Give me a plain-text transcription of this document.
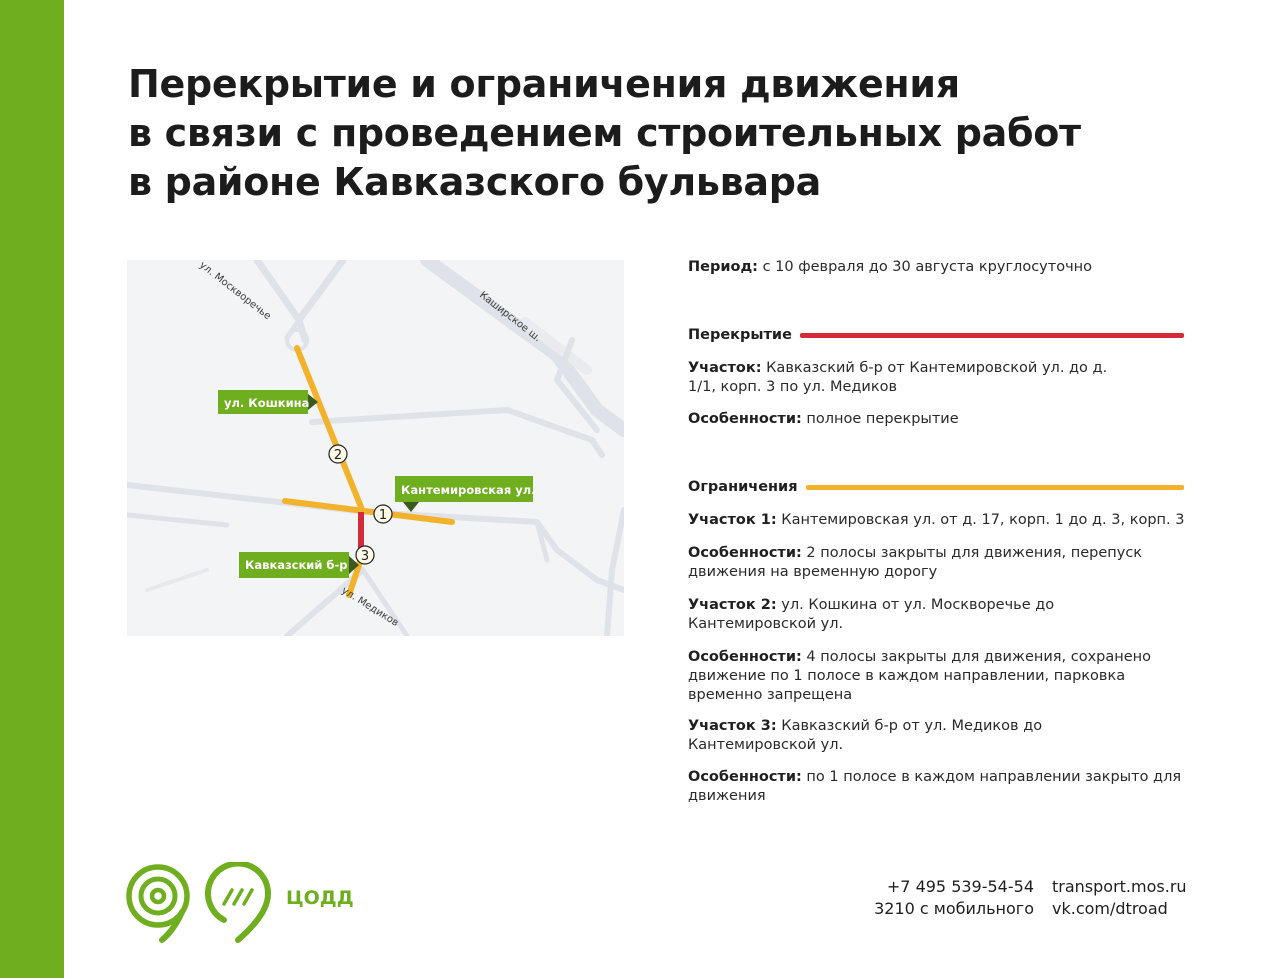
Перекрытие и ограничения движения
в связи с проведением строительных работ
в районе Кавказского бульвара
ул. Москворечье	Каширское ш.
ул. Медиков
ул. Кошкина
Кантемировская ул.
Кавказский б-р
1
2
3
Период: с 10 февраля до 30 августа круглосуточно
Перекрытие
Участок: Кавказский б-р от Кантемировской ул. до д. 1/1, корп. 3 по ул. Медиков
Особенности: полное перекрытие
Ограничения
Участок 1: Кантемировская ул. от д. 17, корп. 1 до д. 3, корп. 3
Особенности: 2 полосы закрыты для движения, перепуск движения на временную дорогу
Участок 2: ул. Кошкина от ул. Москворечье до Кантемировской ул.
Особенности: 4 полосы закрыты для движения, сохранено движение по 1 полосе в каждом направлении, парковка временно запрещена
Участок 3: Кавказский б-р от ул. Медиков до Кантемировской ул.
Особенности: по 1 полосе в каждом направлении закрыто для движения
ЦОДД
+7 495 539-54-54
3210 с мобильного
transport.mos.ru
vk.com/dtroad
